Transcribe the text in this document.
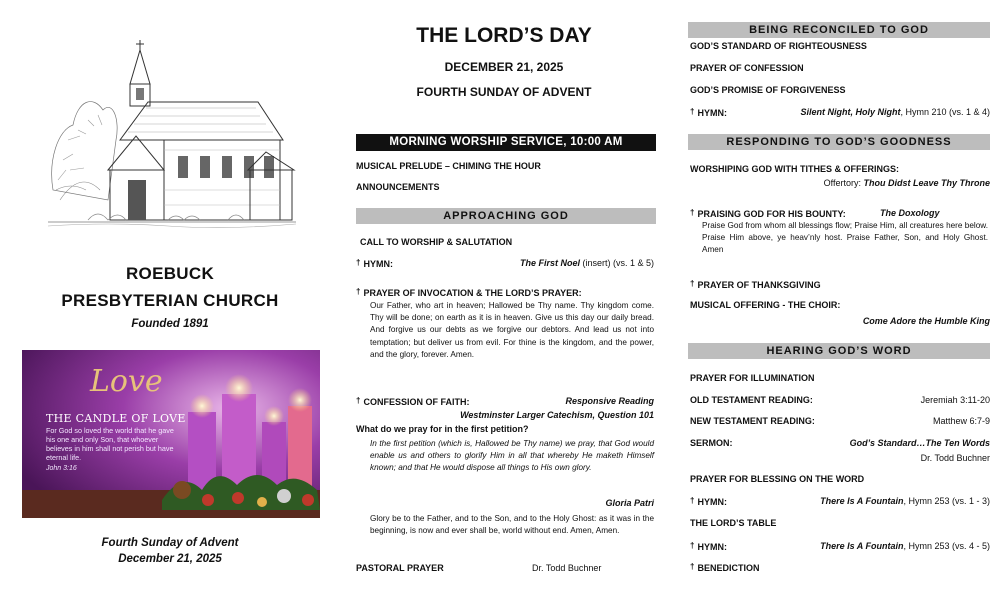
ROEBUCK
PRESBYTERIAN CHURCH
Founded 1891
Love
THE CANDLE OF LOVE
For God so loved the world that he gave his one and only Son, that whoever believes in him shall not perish but have eternal life.
John 3:16
Fourth Sunday of Advent
December 21, 2025
THE LORD’S DAY
DECEMBER 21, 2025
FOURTH SUNDAY OF ADVENT
MORNING WORSHIP SERVICE, 10:00 AM
MUSICAL PRELUDE – CHIMING THE HOUR
ANNOUNCEMENTS
APPROACHING GOD
CALL TO WORSHIP & SALUTATION
† HYMN:	The First Noel (insert) (vs. 1 & 5)
† PRAYER OF INVOCATION & THE LORD’S PRAYER:
Our Father, who art in heaven; Hallowed be Thy name. Thy kingdom come. Thy will be done; on earth as it is in heaven. Give us this day our daily bread. And forgive us our debts as we forgive our debtors. And lead us not into temptation; but deliver us from evil. For thine is the kingdom, and the power, and the glory, forever. Amen.
† CONFESSION OF FAITH:	Responsive Reading
Westminster Larger Catechism, Question 101
What do we pray for in the first petition?
In the first petition (which is, Hallowed be Thy name) we pray, that God would enable us and others to glorify Him in all that whereby He maketh Himself known; and that He would dispose all things to His own glory.
Gloria Patri
Glory be to the Father, and to the Son, and to the Holy Ghost: as it was in the beginning, is now and ever shall be, world without end. Amen, Amen.
PASTORAL PRAYER	Dr. Todd Buchner
BEING RECONCILED TO GOD
GOD’S STANDARD OF RIGHTEOUSNESS
PRAYER OF CONFESSION
GOD’S PROMISE OF FORGIVENESS
† HYMN:	Silent Night, Holy Night, Hymn 210 (vs. 1 & 4)
RESPONDING TO GOD’S GOODNESS
WORSHIPING GOD WITH TITHES & OFFERINGS:
Offertory: Thou Didst Leave Thy Throne
† PRAISING GOD FOR HIS BOUNTY:	The Doxology
Praise God from whom all blessings flow; Praise Him, all creatures here below. Praise Him above, ye heav’nly host. Praise Father, Son, and Holy Ghost. Amen
† PRAYER OF THANKSGIVING
MUSICAL OFFERING - THE CHOIR:
Come Adore the Humble King
HEARING GOD’S WORD
PRAYER FOR ILLUMINATION
OLD TESTAMENT READING:	Jeremiah 3:11-20
NEW TESTAMENT READING:	Matthew 6:7-9
SERMON:	God’s Standard…The Ten Words
Dr. Todd Buchner
PRAYER FOR BLESSING ON THE WORD
† HYMN:	There Is A Fountain, Hymn 253 (vs. 1 - 3)
THE LORD’S TABLE
† HYMN:	There Is A Fountain, Hymn 253 (vs. 4 - 5)
† BENEDICTION
